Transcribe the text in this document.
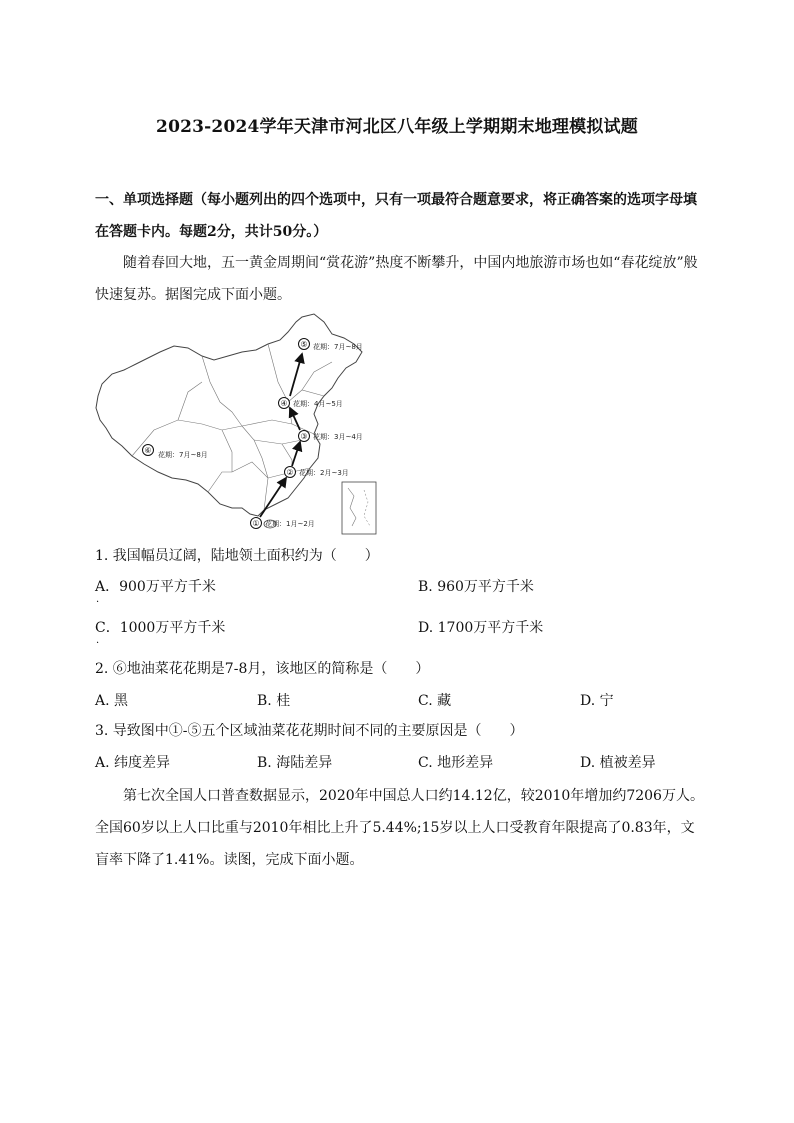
2023-2024学年天津市河北区八年级上学期期末地理模拟试题
一、单项选择题（每小题列出的四个选项中，只有一项最符合题意要求，将正确答案的选项字母填
在答题卡内。每题2分，共计50分。）
随着春回大地，五一黄金周期间“赏花游”热度不断攀升，中国内地旅游市场也如“春花绽放”般
快速复苏。据图完成下面小题。
① 花期：1月~2月
② 花期：2月~3月
③ 花期：3月~4月
④ 花期：4月~5月
⑤ 花期：7月~8月
⑥ 花期：7月~8月
1. 我国幅员辽阔，陆地领土面积约为（　　）
A．900万平方千米	B. 960万平方千米
·
C．1000万平方千米	D. 1700万平方千米
·
2. ⑥地油菜花花期是7-8月，该地区的简称是（　　）
A. 黑	B. 桂	C. 藏	D. 宁
3. 导致图中①-⑤五个区域油菜花花期时间不同的主要原因是（　　）
A. 纬度差异	B. 海陆差异	C. 地形差异	D. 植被差异
第七次全国人口普查数据显示，2020年中国总人口约14.12亿，较2010年增加约7206万人。
全国60岁以上人口比重与2010年相比上升了5.44%;15岁以上人口受教育年限提高了0.83年，文
盲率下降了1.41%。读图，完成下面小题。
